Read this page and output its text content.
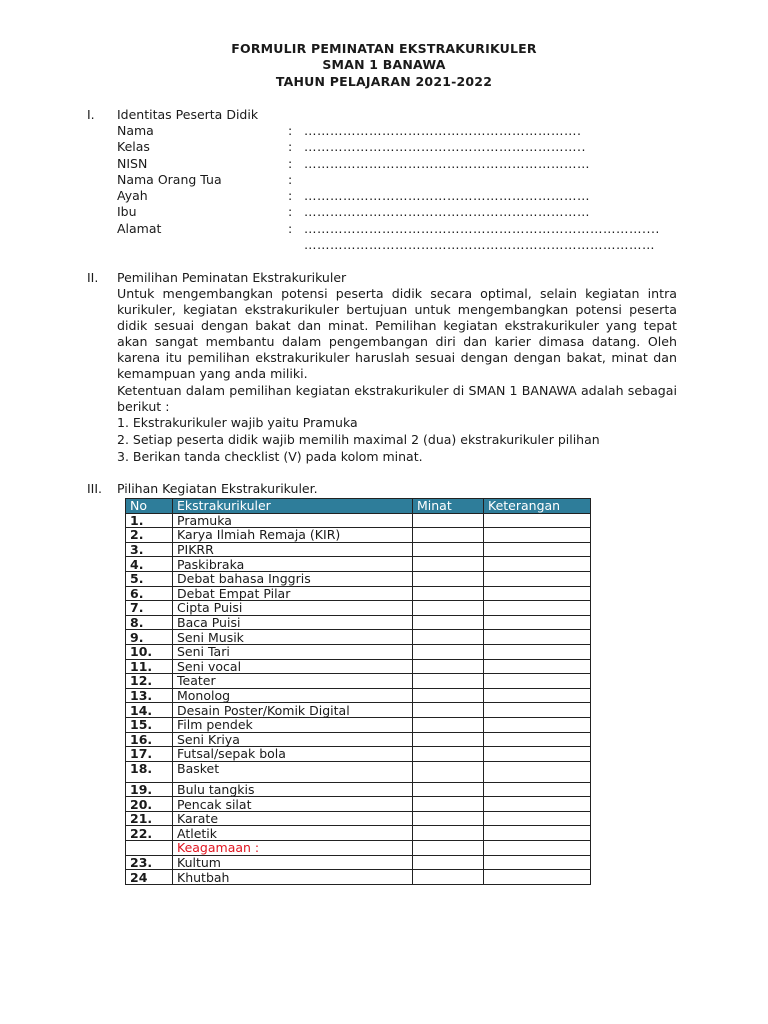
FORMULIR PEMINATAN EKSTRAKURIKULER
SMAN 1 BANAWA
TAHUN PELAJARAN 2021-2022
I. Identitas Peserta Didik
Nama	: ……………………………………………………….
Kelas	: ………………………………………………………..
NISN	: …………………………………………………………
Nama Orang Tua	:
Ayah	: …………………………………………………………
Ibu	: …………………………………………………………
Alamat	: ……………………………………………………………………....
………………………………………………………………………
II. Pemilihan Peminatan Ekstrakurikuler
Untuk mengembangkan potensi peserta didik secara optimal, selain kegiatan intra kurikuler, kegiatan ekstrakurikuler bertujuan untuk mengembangkan potensi peserta didik sesuai dengan bakat dan minat. Pemilihan kegiatan ekstrakurikuler yang tepat akan sangat membantu dalam pengembangan diri dan karier dimasa datang. Oleh karena itu pemilihan ekstrakurikuler haruslah sesuai dengan dengan bakat, minat dan kemampuan yang anda miliki.
Ketentuan dalam pemilihan kegiatan ekstrakurikuler di SMAN 1 BANAWA adalah sebagai berikut :
1. Ekstrakurikuler wajib yaitu Pramuka
2. Setiap peserta didik wajib memilih maximal 2 (dua) ekstrakurikuler pilihan
3. Berikan tanda checklist (V) pada kolom minat.
III. Pilihan Kegiatan Ekstrakurikuler.
No	Ekstrakurikuler	Minat	Keterangan
1.	Pramuka		
2.	Karya Ilmiah Remaja (KIR)		
3.	PIKRR		
4.	Paskibraka		
5.	Debat bahasa Inggris		
6.	Debat Empat Pilar		
7.	Cipta Puisi		
8.	Baca Puisi		
9.	Seni Musik		
10.	Seni Tari		
11.	Seni vocal		
12.	Teater		
13.	Monolog		
14.	Desain Poster/Komik Digital		
15.	Film pendek		
16.	Seni Kriya		
17.	Futsal/sepak bola		
18.	Basket		
19.	Bulu tangkis		
20.	Pencak silat		
21.	Karate		
22.	Atletik		
	Keagamaan :		
23.	Kultum		
24	Khutbah		
